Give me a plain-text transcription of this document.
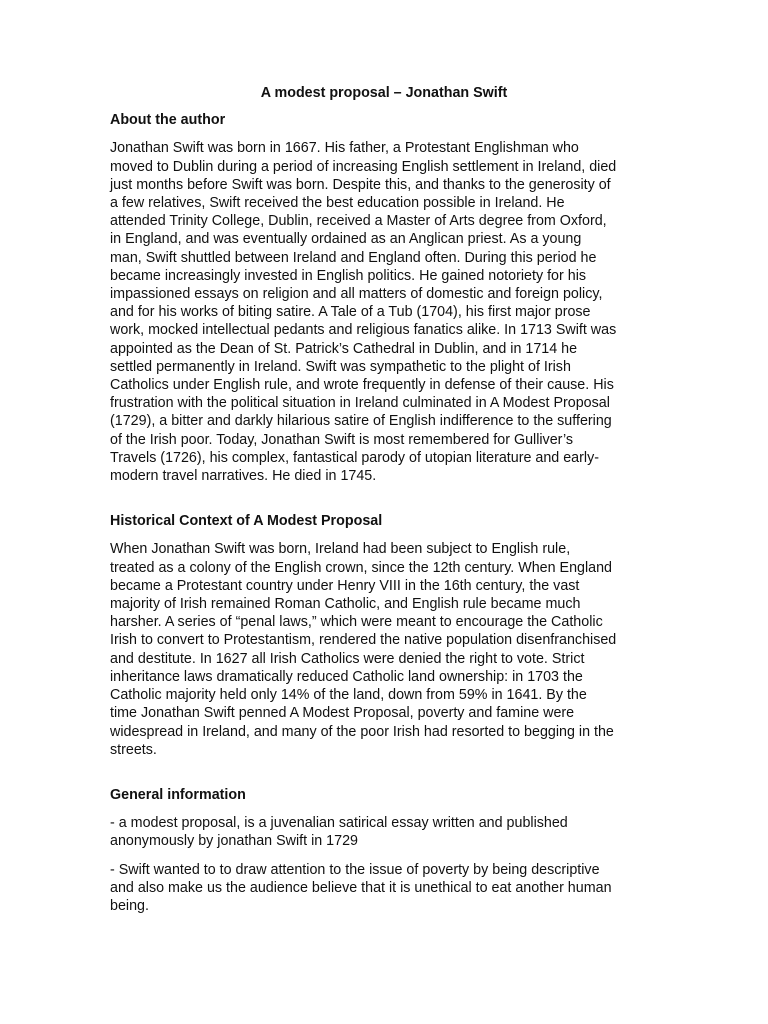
A modest proposal – Jonathan Swift
About the author
Jonathan Swift was born in 1667. His father, a Protestant Englishman who
moved to Dublin during a period of increasing English settlement in Ireland, died
just months before Swift was born. Despite this, and thanks to the generosity of
a few relatives, Swift received the best education possible in Ireland. He
attended Trinity College, Dublin, received a Master of Arts degree from Oxford,
in England, and was eventually ordained as an Anglican priest. As a young
man, Swift shuttled between Ireland and England often. During this period he
became increasingly invested in English politics. He gained notoriety for his
impassioned essays on religion and all matters of domestic and foreign policy,
and for his works of biting satire. A Tale of a Tub (1704), his first major prose
work, mocked intellectual pedants and religious fanatics alike. In 1713 Swift was
appointed as the Dean of St. Patrick’s Cathedral in Dublin, and in 1714 he
settled permanently in Ireland. Swift was sympathetic to the plight of Irish
Catholics under English rule, and wrote frequently in defense of their cause. His
frustration with the political situation in Ireland culminated in A Modest Proposal
(1729), a bitter and darkly hilarious satire of English indifference to the suffering
of the Irish poor. Today, Jonathan Swift is most remembered for Gulliver’s
Travels (1726), his complex, fantastical parody of utopian literature and early-
modern travel narratives. He died in 1745.
Historical Context of A Modest Proposal
When Jonathan Swift was born, Ireland had been subject to English rule,
treated as a colony of the English crown, since the 12th century. When England
became a Protestant country under Henry VIII in the 16th century, the vast
majority of Irish remained Roman Catholic, and English rule became much
harsher. A series of “penal laws,” which were meant to encourage the Catholic
Irish to convert to Protestantism, rendered the native population disenfranchised
and destitute. In 1627 all Irish Catholics were denied the right to vote. Strict
inheritance laws dramatically reduced Catholic land ownership: in 1703 the
Catholic majority held only 14% of the land, down from 59% in 1641. By the
time Jonathan Swift penned A Modest Proposal, poverty and famine were
widespread in Ireland, and many of the poor Irish had resorted to begging in the
streets.
General information
- a modest proposal, is a juvenalian satirical essay written and published
anonymously by jonathan Swift in 1729
- Swift wanted to to draw attention to the issue of poverty by being descriptive
and also make us the audience believe that it is unethical to eat another human
being.
